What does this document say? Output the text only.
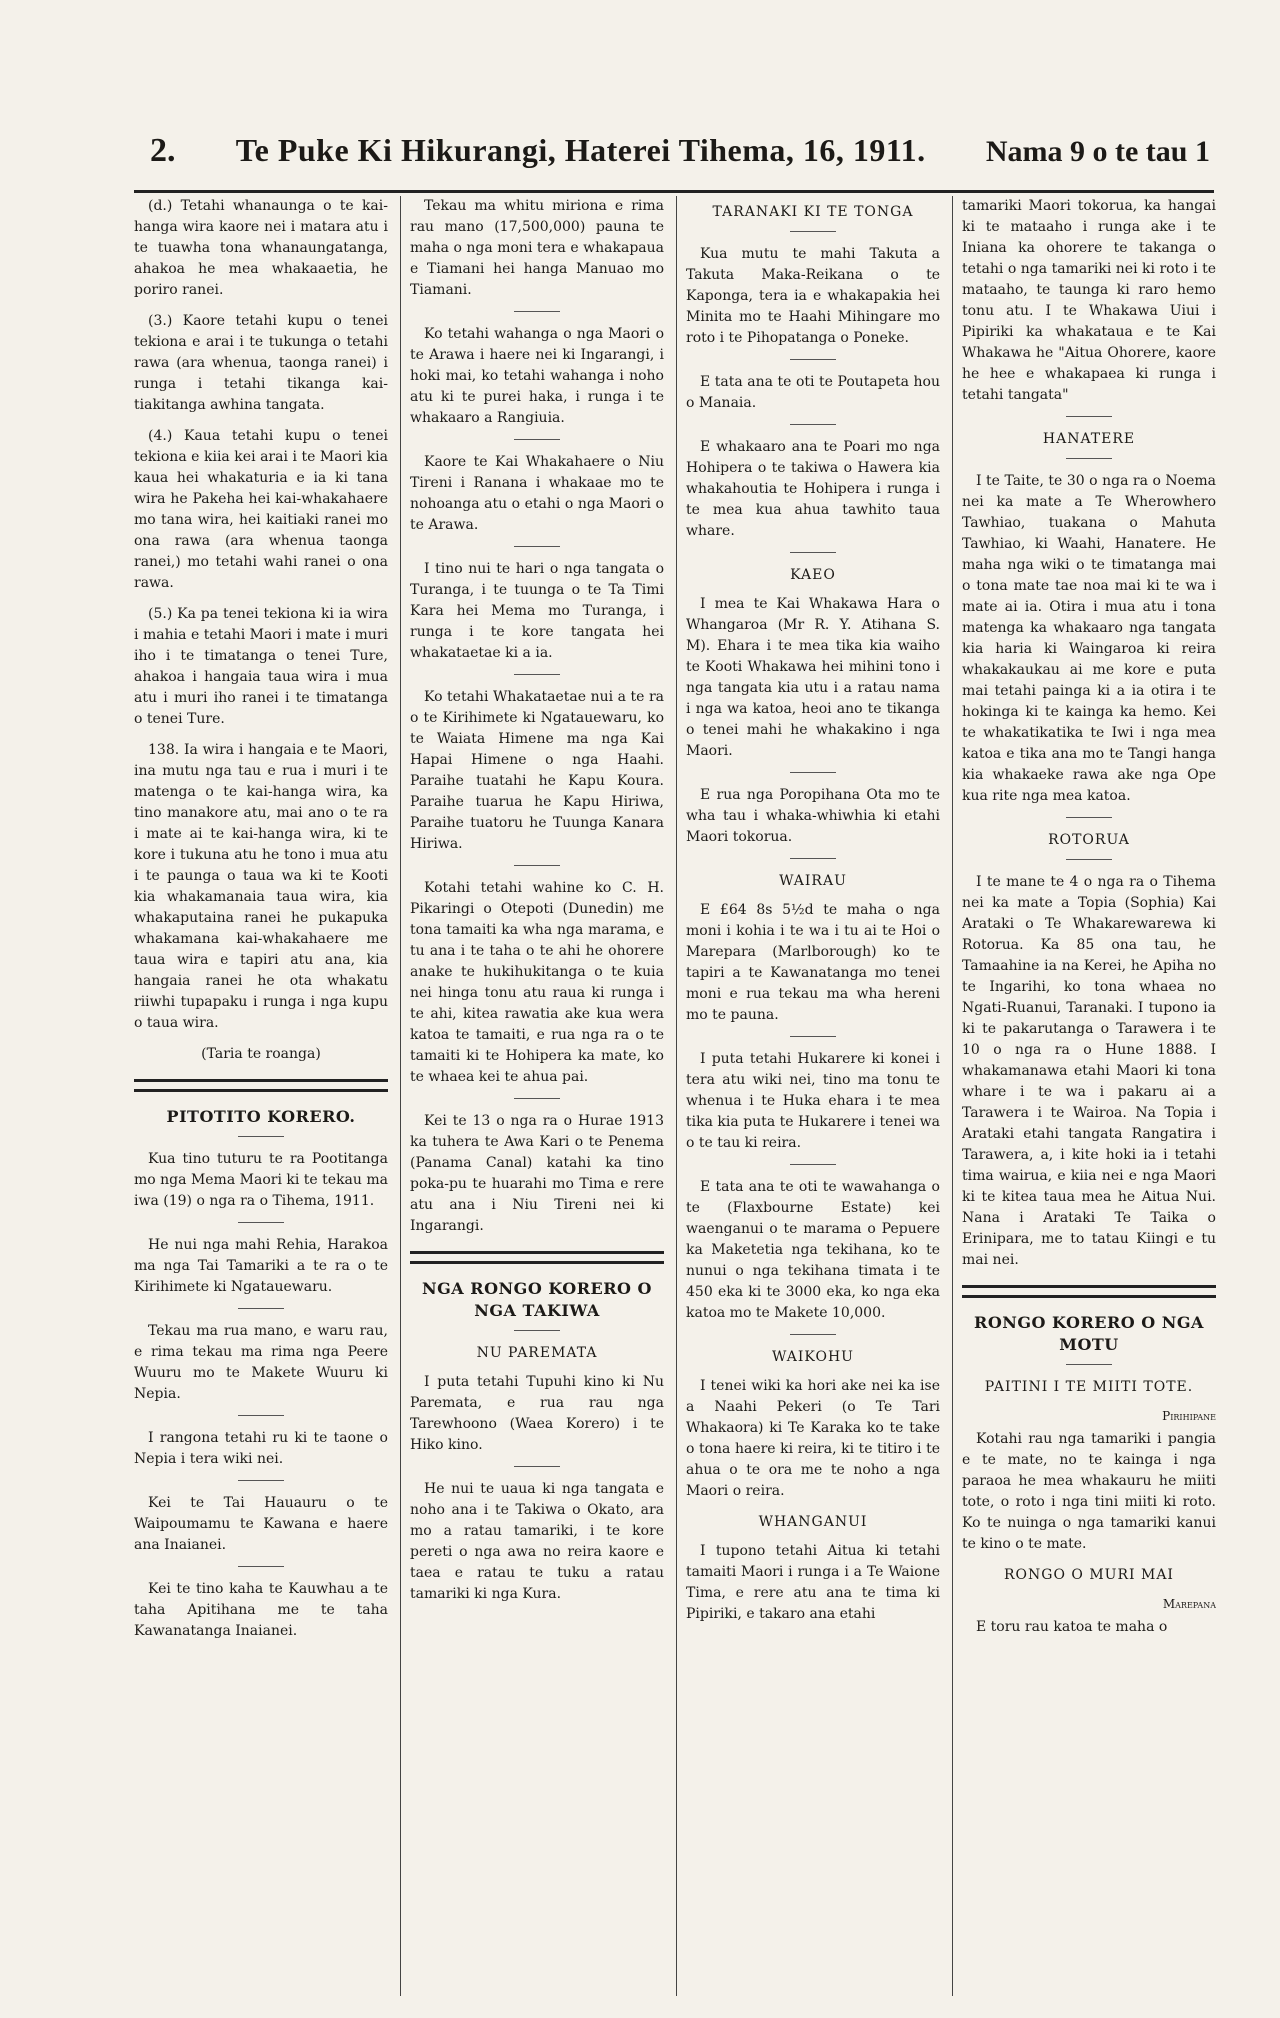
2. Te Puke Ki Hikurangi, Haterei Tihema, 16, 1911. Nama 9 o te tau 1

(d.) Tetahi whanaunga o te kai-hanga wira kaore nei i matara atu i te tuawha tona whanaungatanga, ahakoa he mea whakaaetia, he poriro ranei.

(3.) Kaore tetahi kupu o tenei tekiona e arai i te tukunga o tetahi rawa (ara whenua, taonga ranei) i runga i tetahi tikanga kai-tiakitanga awhina tangata.

(4.) Kaua tetahi kupu o tenei tekiona e kiia kei arai i te Maori kia kaua hei whakaturia e ia ki tana wira he Pakeha hei kai-whakahaere mo tana wira, hei kaitiaki ranei mo ona rawa (ara whenua taonga ranei,) mo tetahi wahi ranei o ona rawa.

(5.) Ka pa tenei tekiona ki ia wira i mahia e tetahi Maori i mate i muri iho i te timatanga o tenei Ture, ahakoa i hangaia taua wira i mua atu i muri iho ranei i te timatanga o tenei Ture.

138. Ia wira i hangaia e te Maori, ina mutu nga tau e rua i muri i te matenga o te kai-hanga wira, ka tino manakore atu, mai ano o te ra i mate ai te kai-hanga wira, ki te kore i tukuna atu he tono i mua atu i te paunga o taua wa ki te Kooti kia whakamanaia taua wira, kia whakaputaina ranei he pukapuka whakamana kai-whakahaere me taua wira e tapiri atu ana, kia hangaia ranei he ota whakatu riiwhi tupapaku i runga i nga kupu o taua wira.

(Taria te roanga)

PITOTITO KORERO.

Kua tino tuturu te ra Pootitanga mo nga Mema Maori ki te tekau ma iwa (19) o nga ra o Tihema, 1911.

He nui nga mahi Rehia, Harakoa ma nga Tai Tamariki a te ra o te Kirihimete ki Ngatauewaru.

Tekau ma rua mano, e waru rau, e rima tekau ma rima nga Peere Wuuru mo te Makete Wuuru ki Nepia.

I rangona tetahi ru ki te taone o Nepia i tera wiki nei.

Kei te Tai Hauauru o te Waipoumamu te Kawana e haere ana Inaianei.

Kei te tino kaha te Kauwhau a te taha Apitihana me te taha Kawanatanga Inaianei.

Tekau ma whitu miriona e rima rau mano (17,500,000) pauna te maha o nga moni tera e whakapaua e Tiamani hei hanga Manuao mo Tiamani.

Ko tetahi wahanga o nga Maori o te Arawa i haere nei ki Ingarangi, i hoki mai, ko tetahi wahanga i noho atu ki te purei haka, i runga i te whakaaro a Rangiuia.

Kaore te Kai Whakahaere o Niu Tireni i Ranana i whakaae mo te nohoanga atu o etahi o nga Maori o te Arawa.

I tino nui te hari o nga tangata o Turanga, i te tuunga o te Ta Timi Kara hei Mema mo Turanga, i runga i te kore tangata hei whakataetae ki a ia.

Ko tetahi Whakataetae nui a te ra o te Kirihimete ki Ngatauewaru, ko te Waiata Himene ma nga Kai Hapai Himene o nga Haahi. Paraihe tuatahi he Kapu Koura. Paraihe tuarua he Kapu Hiriwa, Paraihe tuatoru he Tuunga Kanara Hiriwa.

Kotahi tetahi wahine ko C. H. Pikaringi o Otepoti (Dunedin) me tona tamaiti ka wha nga marama, e tu ana i te taha o te ahi he ohorere anake te hukihukitanga o te kuia nei hinga tonu atu raua ki runga i te ahi, kitea rawatia ake kua wera katoa te tamaiti, e rua nga ra o te tamaiti ki te Hohipera ka mate, ko te whaea kei te ahua pai.

Kei te 13 o nga ra o Hurae 1913 ka tuhera te Awa Kari o te Penema (Panama Canal) katahi ka tino poka-pu te huarahi mo Tima e rere atu ana i Niu Tireni nei ki Ingarangi.

NGA RONGO KORERO O NGA TAKIWA
NU PAREMATA

I puta tetahi Tupuhi kino ki Nu Paremata, e rua rau nga Tarewhoono (Waea Korero) i te Hiko kino.

He nui te uaua ki nga tangata e noho ana i te Takiwa o Okato, ara mo a ratau tamariki, i te kore pereti o nga awa no reira kaore e taea e ratau te tuku a ratau tamariki ki nga Kura.

TARANAKI KI TE TONGA

Kua mutu te mahi Takuta a Takuta Maka-Reikana o te Kaponga, tera ia e whakapakia hei Minita mo te Haahi Mihingare mo roto i te Pihopatanga o Poneke.

E tata ana te oti te Poutapeta hou o Manaia.

E whakaaro ana te Poari mo nga Hohipera o te takiwa o Hawera kia whakahoutia te Hohipera i runga i te mea kua ahua tawhito taua whare.

KAEO

I mea te Kai Whakawa Hara o Whangaroa (Mr R. Y. Atihana S. M). Ehara i te mea tika kia waiho te Kooti Whakawa hei mihini tono i nga tangata kia utu i a ratau nama i nga wa katoa, heoi ano te tikanga o tenei mahi he whakakino i nga Maori.

E rua nga Poropihana Ota mo te wha tau i whaka-whiwhia ki etahi Maori tokorua.

WAIRAU

E £64 8s 5½d te maha o nga moni i kohia i te wa i tu ai te Hoi o Marepara (Marlborough) ko te tapiri a te Kawanatanga mo tenei moni e rua tekau ma wha hereni mo te pauna.

I puta tetahi Hukarere ki konei i tera atu wiki nei, tino ma tonu te whenua i te Huka ehara i te mea tika kia puta te Hukarere i tenei wa o te tau ki reira.

E tata ana te oti te wawahanga o te (Flaxbourne Estate) kei waenganui o te marama o Pepuere ka Maketetia nga tekihana, ko te nunui o nga tekihana timata i te 450 eka ki te 3000 eka, ko nga eka katoa mo te Makete 10,000.

WAIKOHU

I tenei wiki ka hori ake nei ka ise a Naahi Pekeri (o Te Tari Whakaora) ki Te Karaka ko te take o tona haere ki reira, ki te titiro i te ahua o te ora me te noho a nga Maori o reira.

WHANGANUI

I tupono tetahi Aitua ki tetahi tamaiti Maori i runga i a Te Waione Tima, e rere atu ana te tima ki Pipiriki, e takaro ana etahi

tamariki Maori tokorua, ka hangai ki te mataaho i runga ake i te Iniana ka ohorere te takanga o tetahi o nga tamariki nei ki roto i te mataaho, te taunga ki raro hemo tonu atu. I te Whakawa Uiui i Pipiriki ka whakataua e te Kai Whakawa he "Aitua Ohorere, kaore he hee e whakapaea ki runga i tetahi tangata"

HANATERE

I te Taite, te 30 o nga ra o Noema nei ka mate a Te Wherowhero Tawhiao, tuakana o Mahuta Tawhiao, ki Waahi, Hanatere. He maha nga wiki o te timatanga mai o tona mate tae noa mai ki te wa i mate ai ia. Otira i mua atu i tona matenga ka whakaaro nga tangata kia haria ki Waingaroa ki reira whakakaukau ai me kore e puta mai tetahi painga ki a ia otira i te hokinga ki te kainga ka hemo. Kei te whakatikatika te Iwi i nga mea katoa e tika ana mo te Tangi hanga kia whakaeke rawa ake nga Ope kua rite nga mea katoa.

ROTORUA

I te mane te 4 o nga ra o Tihema nei ka mate a Topia (Sophia) Kai Arataki o Te Whakarewarewa ki Rotorua. Ka 85 ona tau, he Tamaahine ia na Kerei, he Apiha no te Ingarihi, ko tona whaea no Ngati-Ruanui, Taranaki. I tupono ia ki te pakarutanga o Tarawera i te 10 o nga ra o Hune 1888. I whakamanawa etahi Maori ki tona whare i te wa i pakaru ai a Tarawera i te Wairoa. Na Topia i Arataki etahi tangata Rangatira i Tarawera, a, i kite hoki ia i tetahi tima wairua, e kiia nei e nga Maori ki te kitea taua mea he Aitua Nui. Nana i Arataki Te Taika o Erinipara, me to tatau Kiingi e tu mai nei.

RONGO KORERO O NGA MOTU
PAITINI I TE MIITI TOTE.
Pirihipane

Kotahi rau nga tamariki i pangia e te mate, no te kainga i nga paraoa he mea whakauru he miiti tote, o roto i nga tini miiti ki roto. Ko te nuinga o nga tamariki kanui te kino o te mate.

RONGO O MURI MAI
Marepana

E toru rau katoa te maha o
